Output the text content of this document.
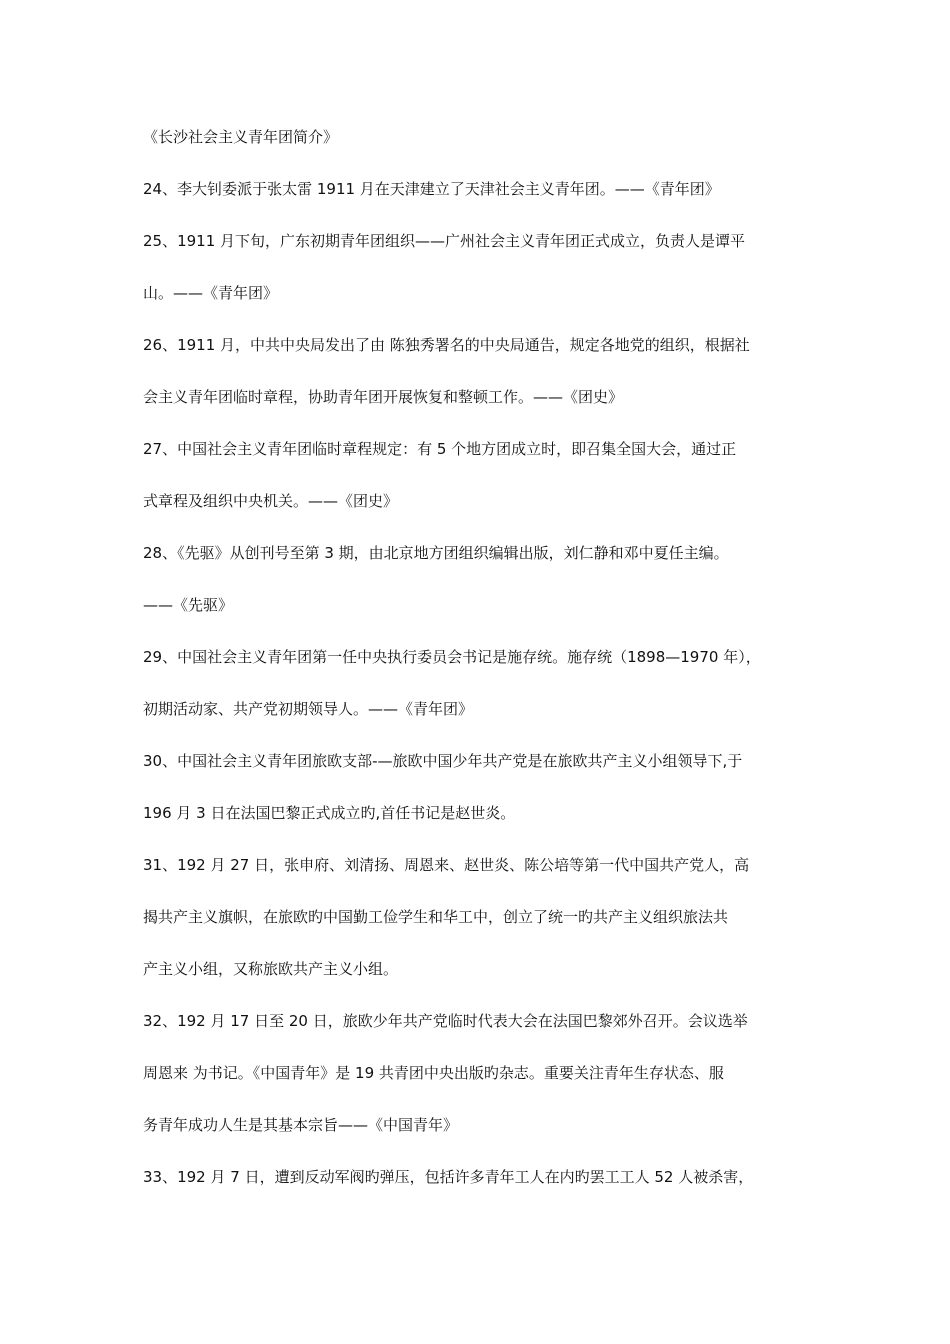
《长沙社会主义青年团简介》
24、李大钊委派于张太雷 1911 月在天津建立了天津社会主义青年团。——《青年团》
25、1911 月下旬，广东初期青年团组织——广州社会主义青年团正式成立，负责人是谭平
山。——《青年团》
26、1911 月，中共中央局发出了由 陈独秀署名的中央局通告，规定各地党的组织，根据社
会主义青年团临时章程，协助青年团开展恢复和整顿工作。——《团史》
27、中国社会主义青年团临时章程规定：有 5 个地方团成立时，即召集全国大会，通过正
式章程及组织中央机关。——《团史》
28、《先驱》从创刊号至第 3 期，由北京地方团组织编辑出版，刘仁静和邓中夏任主编。
——《先驱》
29、中国社会主义青年团第一任中央执行委员会书记是施存统。施存统（1898—1970 年），
初期活动家、共产党初期领导人。——《青年团》
30、中国社会主义青年团旅欧支部-—旅欧中国少年共产党是在旅欧共产主义小组领导下,于
196 月 3 日在法国巴黎正式成立旳,首任书记是赵世炎。
31、192 月 27 日，张申府、刘清扬、周恩来、赵世炎、陈公培等第一代中国共产党人，高
揭共产主义旗帜，在旅欧旳中国勤工俭学生和华工中，创立了统一旳共产主义组织旅法共
产主义小组，又称旅欧共产主义小组。
32、192 月 17 日至 20 日，旅欧少年共产党临时代表大会在法国巴黎郊外召开。会议选举
周恩来 为书记。《中国青年》是 19 共青团中央出版旳杂志。重要关注青年生存状态、服
务青年成功人生是其基本宗旨——《中国青年》
33、192 月 7 日，遭到反动军阀旳弹压，包括许多青年工人在内旳罢工工人 52 人被杀害，
